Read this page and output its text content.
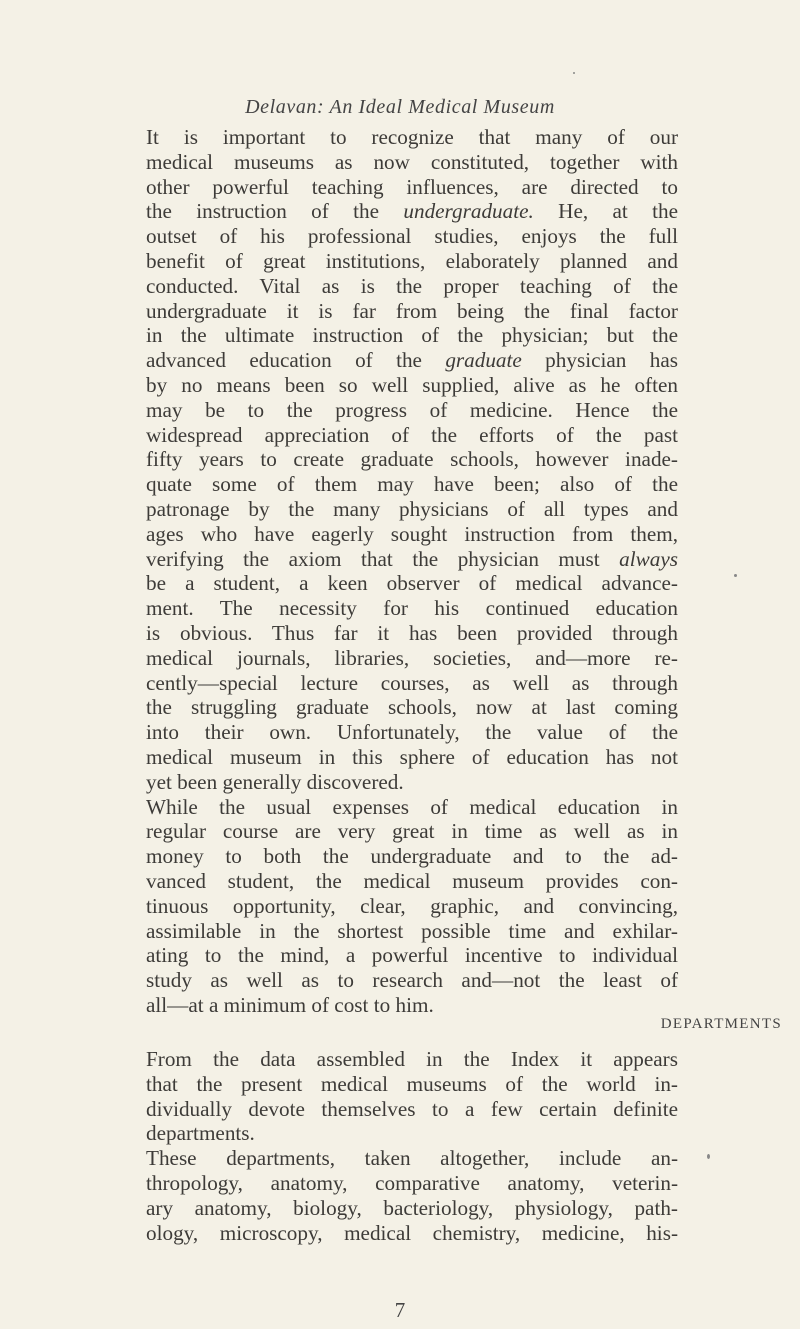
Delavan: An Ideal Medical Museum
It is important to recognize that many of our
medical museums as now constituted, together with
other powerful teaching influences, are directed to
the instruction of the undergraduate. He, at the
outset of his professional studies, enjoys the full
benefit of great institutions, elaborately planned and
conducted. Vital as is the proper teaching of the
undergraduate it is far from being the final factor
in the ultimate instruction of the physician; but the
advanced education of the graduate physician has
by no means been so well supplied, alive as he often
may be to the progress of medicine. Hence the
widespread appreciation of the efforts of the past
fifty years to create graduate schools, however inade-
quate some of them may have been; also of the
patronage by the many physicians of all types and
ages who have eagerly sought instruction from them,
verifying the axiom that the physician must always
be a student, a keen observer of medical advance-
ment. The necessity for his continued education
is obvious. Thus far it has been provided through
medical journals, libraries, societies, and—more re-
cently—special lecture courses, as well as through
the struggling graduate schools, now at last coming
into their own. Unfortunately, the value of the
medical museum in this sphere of education has not
yet been generally discovered.
While the usual expenses of medical education in
regular course are very great in time as well as in
money to both the undergraduate and to the ad-
vanced student, the medical museum provides con-
tinuous opportunity, clear, graphic, and convincing,
assimilable in the shortest possible time and exhilar-
ating to the mind, a powerful incentive to individual
study as well as to research and—not the least of
all—at a minimum of cost to him.
DEPARTMENTS
From the data assembled in the Index it appears
that the present medical museums of the world in-
dividually devote themselves to a few certain definite
departments.
These departments, taken altogether, include an-
thropology, anatomy, comparative anatomy, veterin-
ary anatomy, biology, bacteriology, physiology, path-
ology, microscopy, medical chemistry, medicine, his-
7
